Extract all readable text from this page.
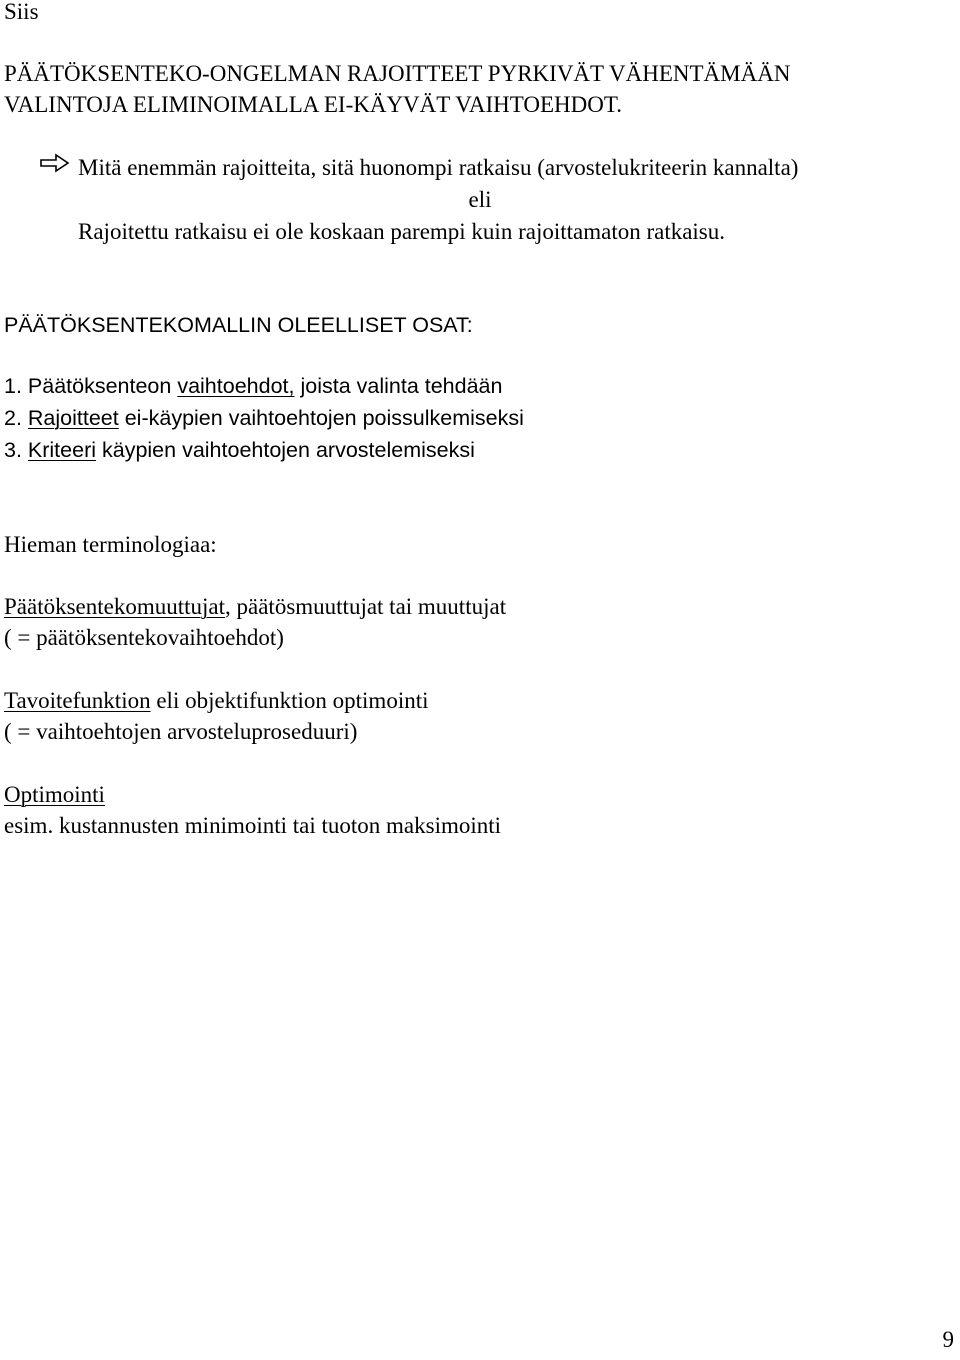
Siis
PÄÄTÖKSENTEKO-ONGELMAN RAJOITTEET PYRKIVÄT VÄHENTÄMÄÄN
VALINTOJA ELIMINOIMALLA EI-KÄYVÄT VAIHTOEHDOT.
Mitä enemmän rajoitteita, sitä huonompi ratkaisu (arvostelukriteerin kannalta)
eli
Rajoitettu ratkaisu ei ole koskaan parempi kuin rajoittamaton ratkaisu.
PÄÄTÖKSENTEKOMALLIN OLEELLISET OSAT:
1. Päätöksenteon vaihtoehdot, joista valinta tehdään
2. Rajoitteet ei-käypien vaihtoehtojen poissulkemiseksi
3. Kriteeri käypien vaihtoehtojen arvostelemiseksi
Hieman terminologiaa:
Päätöksentekomuuttujat, päätösmuuttujat tai muuttujat
( = päätöksentekovaihtoehdot)
Tavoitefunktion eli objektifunktion optimointi
( = vaihtoehtojen arvosteluproseduuri)
Optimointi
esim. kustannusten minimointi tai tuoton maksimointi
9
